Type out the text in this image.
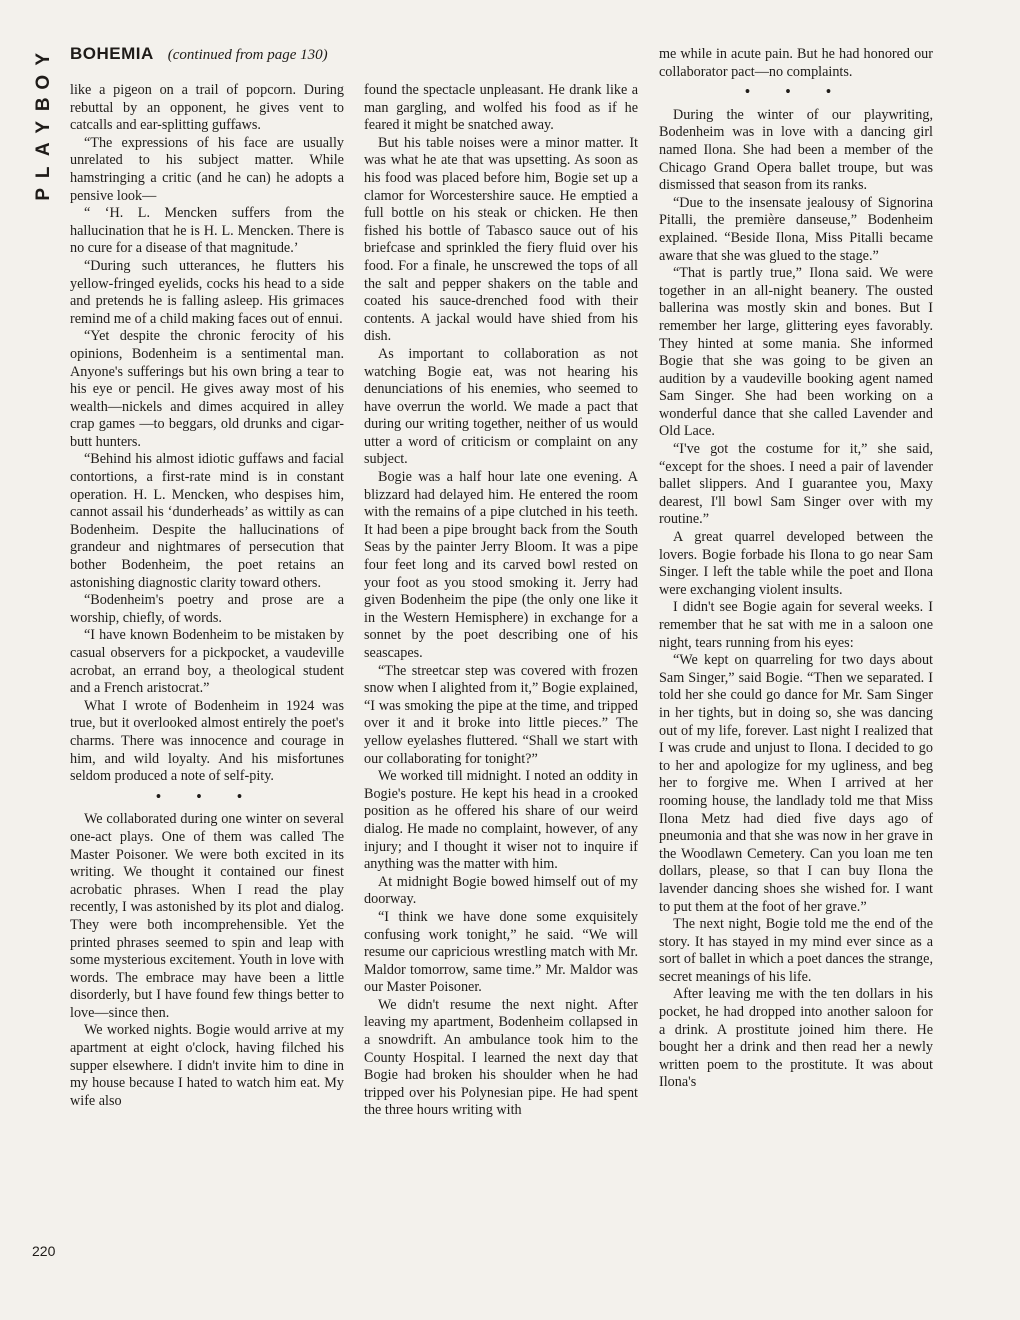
Y
O
B
Y
A
L
P
BOHEMIA (continued from page 130)

like a pigeon on a trail of popcorn. During rebuttal by an opponent, he gives vent to catcalls and ear-splitting guffaws.

“The expressions of his face are usually unrelated to his subject matter. While hamstringing a critic (and he can) he adopts a pensive look—

“ ‘H. L. Mencken suffers from the hallucination that he is H. L. Mencken. There is no cure for a disease of that magnitude.’

“During such utterances, he flutters his yellow-fringed eyelids, cocks his head to a side and pretends he is falling asleep. His grimaces remind me of a child making faces out of ennui.

“Yet despite the chronic ferocity of his opinions, Bodenheim is a sentimental man. Anyone's sufferings but his own bring a tear to his eye or pencil. He gives away most of his wealth—nickels and dimes acquired in alley crap games —to beggars, old drunks and cigar-butt hunters.

“Behind his almost idiotic guffaws and facial contortions, a first-rate mind is in constant operation. H. L. Mencken, who despises him, cannot assail his ‘dunderheads’ as wittily as can Bodenheim. Despite the hallucinations of grandeur and nightmares of persecution that bother Bodenheim, the poet retains an astonishing diagnostic clarity toward others.

“Bodenheim's poetry and prose are a worship, chiefly, of words.

“I have known Bodenheim to be mistaken by casual observers for a pickpocket, a vaudeville acrobat, an errand boy, a theological student and a French aristocrat.”

What I wrote of Bodenheim in 1924 was true, but it overlooked almost entirely the poet's charms. There was innocence and courage in him, and wild loyalty. And his misfortunes seldom produced a note of self-pity.

• • •

We collaborated during one winter on several one-act plays. One of them was called The Master Poisoner. We were both excited in its writing. We thought it contained our finest acrobatic phrases. When I read the play recently, I was astonished by its plot and dialog. They were both incomprehensible. Yet the printed phrases seemed to spin and leap with some mysterious excitement. Youth in love with words. The embrace may have been a little disorderly, but I have found few things better to love—since then.

We worked nights. Bogie would arrive at my apartment at eight o'clock, having filched his supper elsewhere. I didn't invite him to dine in my house because I hated to watch him eat. My wife also

found the spectacle unpleasant. He drank like a man gargling, and wolfed his food as if he feared it might be snatched away.

But his table noises were a minor matter. It was what he ate that was upsetting. As soon as his food was placed before him, Bogie set up a clamor for Worcestershire sauce. He emptied a full bottle on his steak or chicken. He then fished his bottle of Tabasco sauce out of his briefcase and sprinkled the fiery fluid over his food. For a finale, he unscrewed the tops of all the salt and pepper shakers on the table and coated his sauce-drenched food with their contents. A jackal would have shied from his dish.

As important to collaboration as not watching Bogie eat, was not hearing his denunciations of his enemies, who seemed to have overrun the world. We made a pact that during our writing together, neither of us would utter a word of criticism or complaint on any subject.

Bogie was a half hour late one evening. A blizzard had delayed him. He entered the room with the remains of a pipe clutched in his teeth. It had been a pipe brought back from the South Seas by the painter Jerry Bloom. It was a pipe four feet long and its carved bowl rested on your foot as you stood smoking it. Jerry had given Bodenheim the pipe (the only one like it in the Western Hemisphere) in exchange for a sonnet by the poet describing one of his seascapes.

“The streetcar step was covered with frozen snow when I alighted from it,” Bogie explained, “I was smoking the pipe at the time, and tripped over it and it broke into little pieces.” The yellow eyelashes fluttered. “Shall we start with our collaborating for tonight?”

We worked till midnight. I noted an oddity in Bogie's posture. He kept his head in a crooked position as he offered his share of our weird dialog. He made no complaint, however, of any injury; and I thought it wiser not to inquire if anything was the matter with him.

At midnight Bogie bowed himself out of my doorway.

“I think we have done some exquisitely confusing work tonight,” he said. “We will resume our capricious wrestling match with Mr. Maldor tomorrow, same time.” Mr. Maldor was our Master Poisoner.

We didn't resume the next night. After leaving my apartment, Bodenheim collapsed in a snowdrift. An ambulance took him to the County Hospital. I learned the next day that Bogie had broken his shoulder when he had tripped over his Polynesian pipe. He had spent the three hours writing with

me while in acute pain. But he had honored our collaborator pact—no complaints.

• • •

During the winter of our playwriting, Bodenheim was in love with a dancing girl named Ilona. She had been a member of the Chicago Grand Opera ballet troupe, but was dismissed that season from its ranks.

“Due to the insensate jealousy of Signorina Pitalli, the première danseuse,” Bodenheim explained. “Beside Ilona, Miss Pitalli became aware that she was glued to the stage.”

“That is partly true,” Ilona said. We were together in an all-night beanery. The ousted ballerina was mostly skin and bones. But I remember her large, glittering eyes favorably. They hinted at some mania. She informed Bogie that she was going to be given an audition by a vaudeville booking agent named Sam Singer. She had been working on a wonderful dance that she called Lavender and Old Lace.

“I've got the costume for it,” she said, “except for the shoes. I need a pair of lavender ballet slippers. And I guarantee you, Maxy dearest, I'll bowl Sam Singer over with my routine.”

A great quarrel developed between the lovers. Bogie forbade his Ilona to go near Sam Singer. I left the table while the poet and Ilona were exchanging violent insults.

I didn't see Bogie again for several weeks. I remember that he sat with me in a saloon one night, tears running from his eyes:

“We kept on quarreling for two days about Sam Singer,” said Bogie. “Then we separated. I told her she could go dance for Mr. Sam Singer in her tights, but in doing so, she was dancing out of my life, forever. Last night I realized that I was crude and unjust to Ilona. I decided to go to her and apologize for my ugliness, and beg her to forgive me. When I arrived at her rooming house, the landlady told me that Miss Ilona Metz had died five days ago of pneumonia and that she was now in her grave in the Woodlawn Cemetery. Can you loan me ten dollars, please, so that I can buy Ilona the lavender dancing shoes she wished for. I want to put them at the foot of her grave.”

The next night, Bogie told me the end of the story. It has stayed in my mind ever since as a sort of ballet in which a poet dances the strange, secret meanings of his life.

After leaving me with the ten dollars in his pocket, he had dropped into another saloon for a drink. A prostitute joined him there. He bought her a drink and then read her a newly written poem to the prostitute. It was about Ilona's

220
